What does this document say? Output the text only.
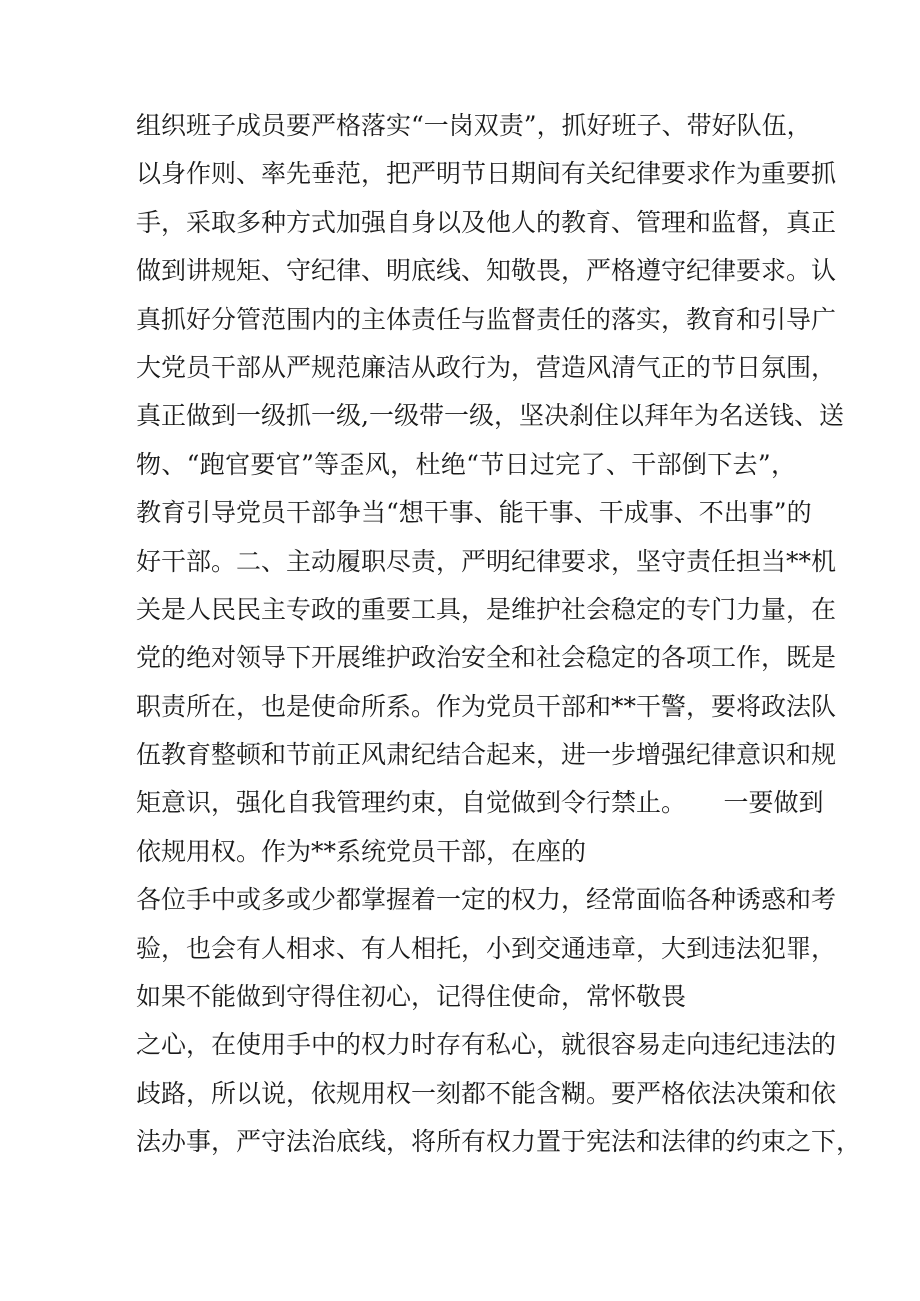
组织班子成员要严格落实“一岗双责”，抓好班子、带好队伍，
以身作则、率先垂范，把严明节日期间有关纪律要求作为重要抓
手，采取多种方式加强自身以及他人的教育、管理和监督，真正
做到讲规矩、守纪律、明底线、知敬畏，严格遵守纪律要求。认
真抓好分管范围内的主体责任与监督责任的落实，教育和引导广
大党员干部从严规范廉洁从政行为，营造风清气正的节日氛围，
真正做到一级抓一级,一级带一级，坚决刹住以拜年为名送钱、送
物、“跑官要官”等歪风，杜绝“节日过完了、干部倒下去”，
教育引导党员干部争当“想干事、能干事、干成事、不出事”的
好干部。二、主动履职尽责，严明纪律要求，坚守责任担当**机
关是人民民主专政的重要工具，是维护社会稳定的专门力量，在
党的绝对领导下开展维护政治安全和社会稳定的各项工作，既是
职责所在，也是使命所系。作为党员干部和**干警，要将政法队
伍教育整顿和节前正风肃纪结合起来，进一步增强纪律意识和规
矩意识，强化自我管理约束，自觉做到令行禁止。　　一要做到
依规用权。作为**系统党员干部，在座的
各位手中或多或少都掌握着一定的权力，经常面临各种诱惑和考
验，也会有人相求、有人相托，小到交通违章，大到违法犯罪，
如果不能做到守得住初心，记得住使命，常怀敬畏
之心，在使用手中的权力时存有私心，就很容易走向违纪违法的
歧路，所以说，依规用权一刻都不能含糊。要严格依法决策和依
法办事，严守法治底线，将所有权力置于宪法和法律的约束之下，
